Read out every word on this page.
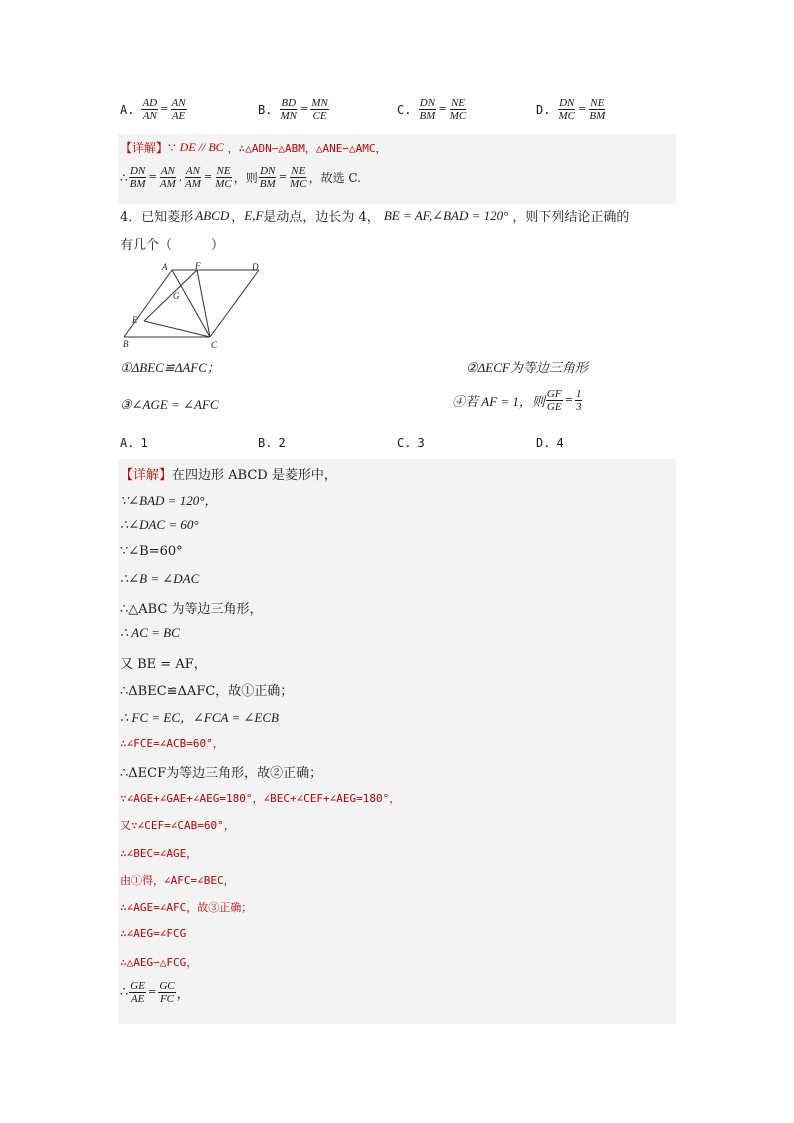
A. $\frac{AD}{AN} = \frac{AN}{AE}$	B. $\frac{BD}{MN} = \frac{MN}{CE}$	C. $\frac{DN}{BM} = \frac{NE}{MC}$	D. $\frac{DN}{MC} = \frac{NE}{BM}$
【详解】 ∵ DE // BC ，∴△ADN∽△ABM，△ANE∽△AMC，
∴ $\frac{DN}{BM} = \frac{AN}{AM}$ , $\frac{AN}{AM} = \frac{NE}{MC}$ ，则 $\frac{DN}{BM} = \frac{NE}{MC}$ ，故选 C.
4． 已知菱形 ABCD ， E,F 是动点，边长为 4， BE = AF,∠BAD = 120° ，则下列结论正确的
有几个（　　　）
A	F	D
G
E
B	C
①ΔBEC≌ΔAFC；	②ΔECF为等边三角形
③∠AGE = ∠AFC	④若 AF = 1，则 $\frac{GF}{GE} = \frac{1}{3}$
A. 1	B. 2	C. 3	D. 4
【详解】 在四边形 ABCD 是菱形中，
∵∠BAD = 120°，
∴∠DAC = 60°
∵∠B=60°
∴∠B = ∠DAC
∴△ABC 为等边三角形，
∴ AC = BC
又 BE = AF，
∴ΔBEC≌ΔAFC，故①正确；
∴ FC = EC，∠FCA = ∠ECB
∴∠FCE=∠ACB=60°，
∴ΔECF为等边三角形，故②正确；
∵∠AGE+∠GAE+∠AEG=180°，∠BEC+∠CEF+∠AEG=180°，
又∵∠CEF=∠CAB=60°，
∴∠BEC=∠AGE，
由①得，∠AFC=∠BEC，
∴∠AGE=∠AFC，故③正确；
∴∠AEG=∠FCG
∴△AEG∽△FCG，
∴ $\frac{GE}{AE} = \frac{GC}{FC}$ ，
